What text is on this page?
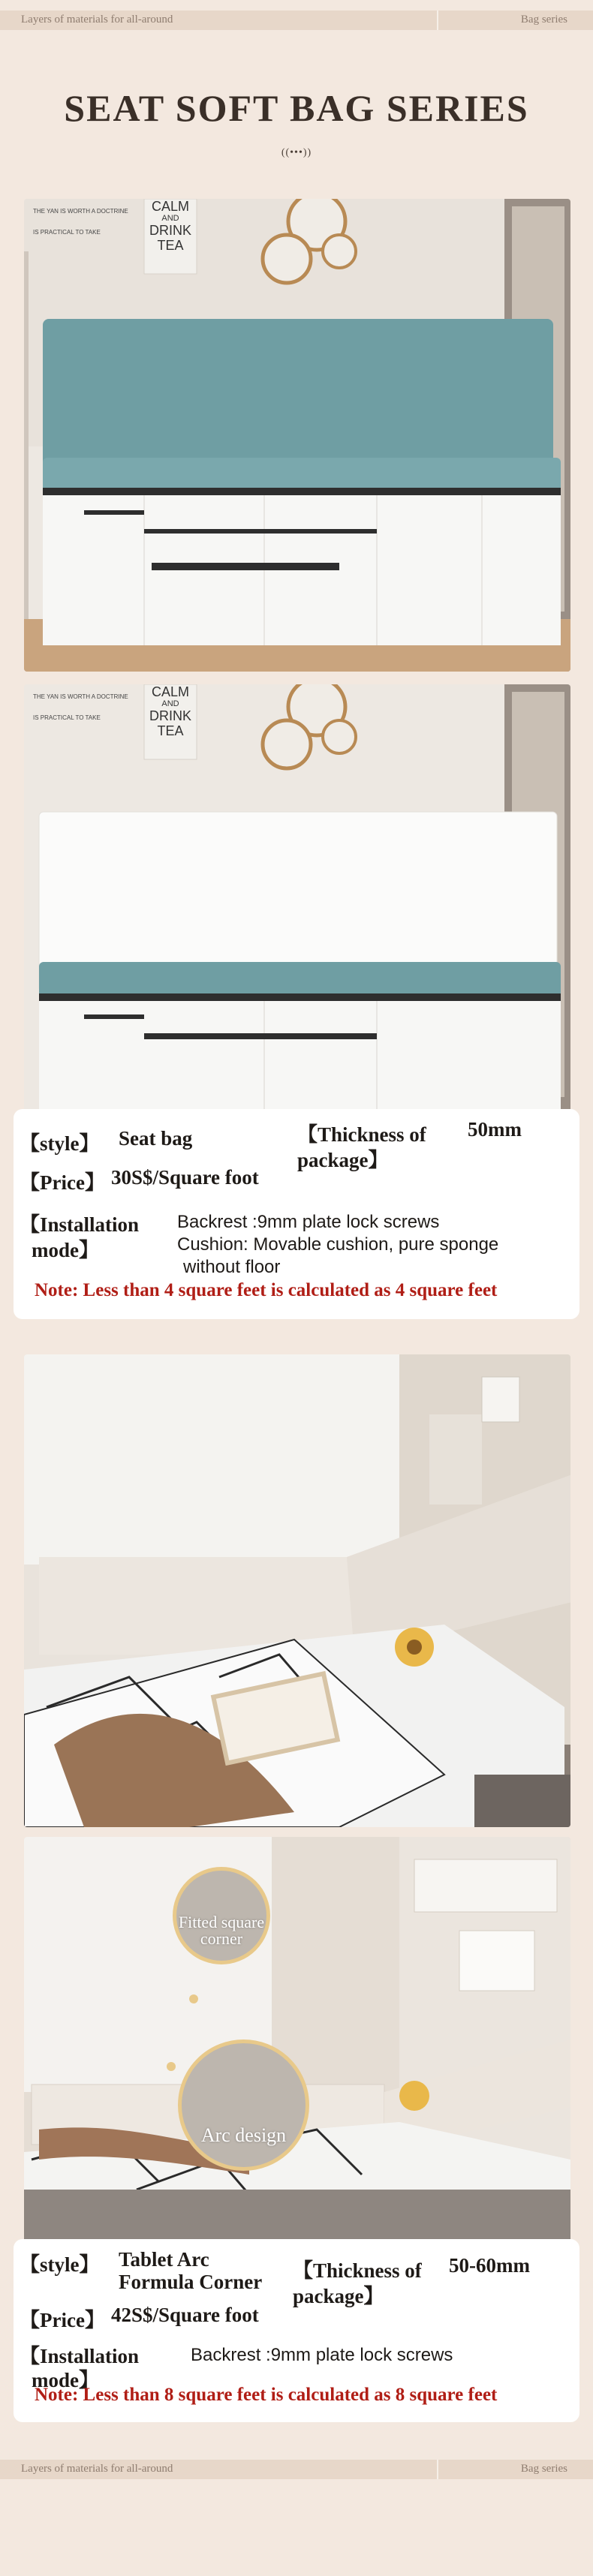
Layers of materials for all-around	Bag series
SEAT SOFT BAG SERIES
((•••))
THE YAN IS WORTH A DOCTRINE
IS PRACTICAL TO TAKE
CALM
AND
DRINK
TEA
THE YAN IS WORTH A DOCTRINE
IS PRACTICAL TO TAKE
CALM
AND
DRINK
TEA
【style】 Seat bag	【Thickness of
package】
50mm
【Price】 30S$/Square foot
【Installation
mode】
Backrest :9mm plate lock screws
Cushion: Movable cushion, pure sponge
without floor
Note: Less than 4 square feet is calculated as 4 square feet
Fitted square corner
Arc design
【style】 Tablet Arc
Formula Corner 【Thickness of
package】
50-60mm
【Price】 42S$/Square foot
【Installation
mode】
Backrest :9mm plate lock screws
Note: Less than 8 square feet is calculated as 8 square feet
Layers of materials for all-around	Bag series
